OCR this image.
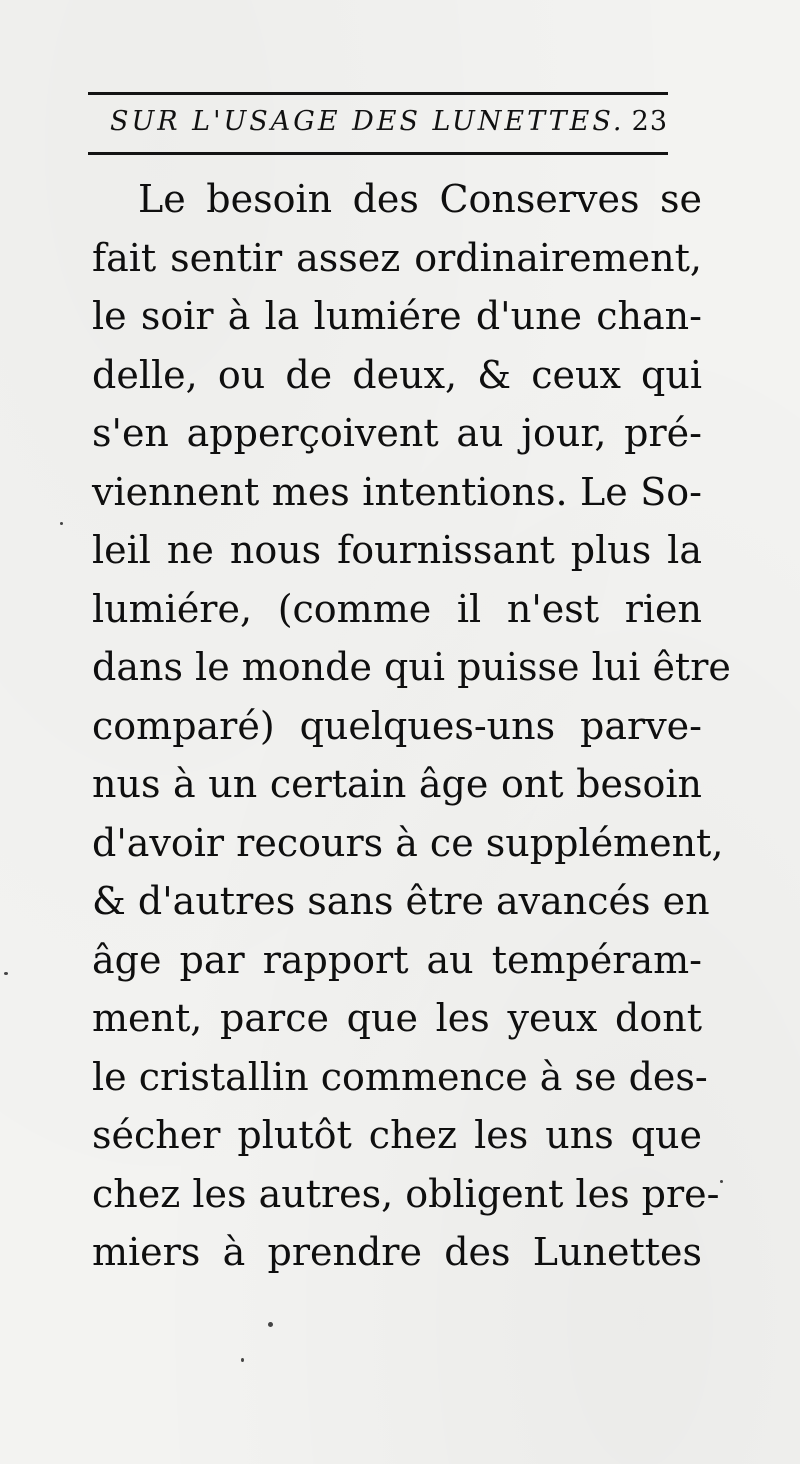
SUR L'USAGE DES LUNETTES. 23
Le besoin des Conserves se
fait sentir assez ordinairement,
le soir à la lumiére d'une chan-
delle, ou de deux, & ceux qui
s'en apperçoivent au jour, pré-
viennent mes intentions. Le So-
leil ne nous fournissant plus la
lumiére, (comme il n'est rien
dans le monde qui puisse lui être
comparé) quelques-uns parve-
nus à un certain âge ont besoin
d'avoir recours à ce supplément,
& d'autres sans être avancés en
âge par rapport au tempéram-
ment, parce que les yeux dont
le cristallin commence à se des-
sécher plutôt chez les uns que
chez les autres, obligent les pre-
miers à prendre des Lunettes
